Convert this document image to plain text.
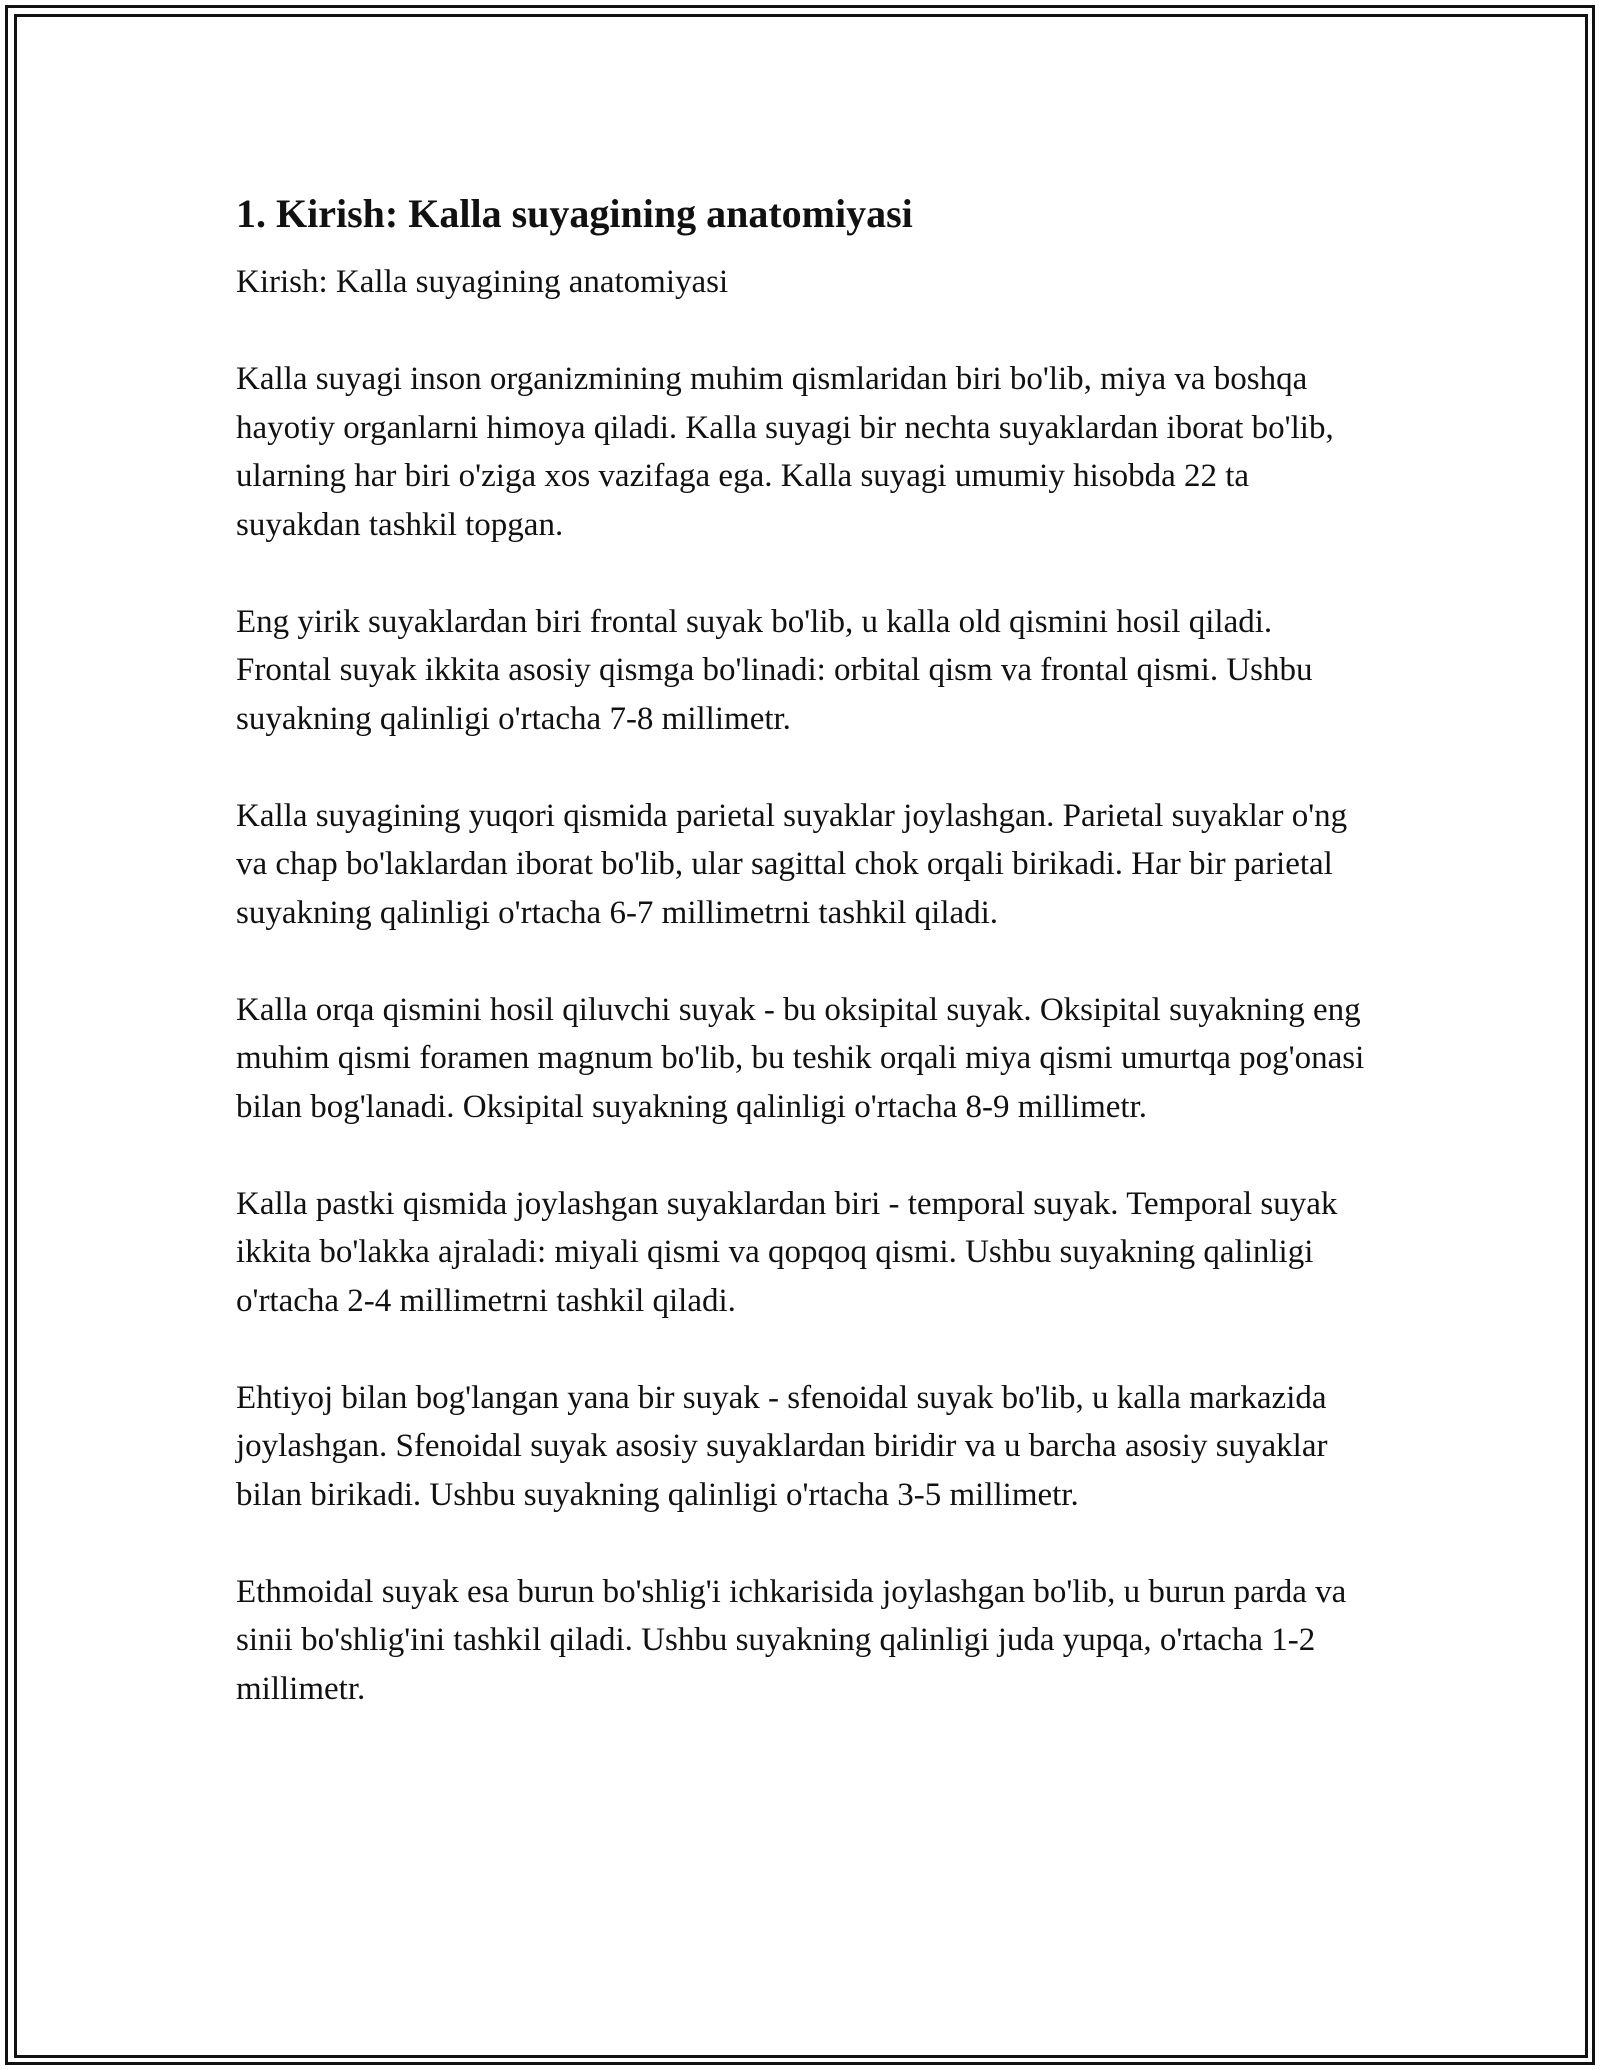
1. Kirish: Kalla suyagining anatomiyasi

Kirish: Kalla suyagining anatomiyasi

Kalla suyagi inson organizmining muhim qismlaridan biri bo'lib, miya va boshqa hayotiy organlarni himoya qiladi. Kalla suyagi bir nechta suyaklardan iborat bo'lib, ularning har biri o'ziga xos vazifaga ega. Kalla suyagi umumiy hisobda 22 ta suyakdan tashkil topgan.

Eng yirik suyaklardan biri frontal suyak bo'lib, u kalla old qismini hosil qiladi. Frontal suyak ikkita asosiy qismga bo'linadi: orbital qism va frontal qismi. Ushbu suyakning qalinligi o'rtacha 7-8 millimetr.

Kalla suyagining yuqori qismida parietal suyaklar joylashgan. Parietal suyaklar o'ng va chap bo'laklardan iborat bo'lib, ular sagittal chok orqali birikadi. Har bir parietal suyakning qalinligi o'rtacha 6-7 millimetrni tashkil qiladi.

Kalla orqa qismini hosil qiluvchi suyak - bu oksipital suyak. Oksipital suyakning eng muhim qismi foramen magnum bo'lib, bu teshik orqali miya qismi umurtqa pog'onasi bilan bog'lanadi. Oksipital suyakning qalinligi o'rtacha 8-9 millimetr.

Kalla pastki qismida joylashgan suyaklardan biri - temporal suyak. Temporal suyak ikkita bo'lakka ajraladi: miyali qismi va qopqoq qismi. Ushbu suyakning qalinligi o'rtacha 2-4 millimetrni tashkil qiladi.

Ehtiyoj bilan bog'langan yana bir suyak - sfenoidal suyak bo'lib, u kalla markazida joylashgan. Sfenoidal suyak asosiy suyaklardan biridir va u barcha asosiy suyaklar bilan birikadi. Ushbu suyakning qalinligi o'rtacha 3-5 millimetr.

Ethmoidal suyak esa burun bo'shlig'i ichkarisida joylashgan bo'lib, u burun parda va sinii bo'shlig'ini tashkil qiladi. Ushbu suyakning qalinligi juda yupqa, o'rtacha 1-2 millimetr.
